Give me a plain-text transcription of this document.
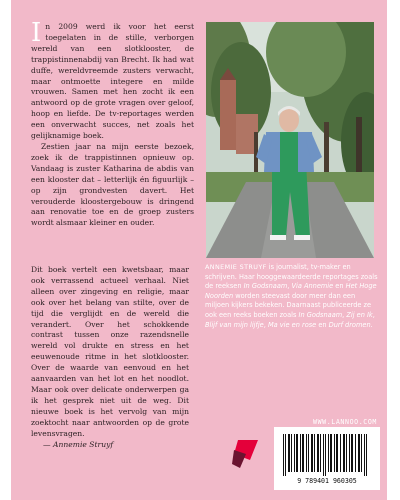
In 2009 werd ik voor het eerst toegelaten in de stille, verborgen wereld van een slotklooster, de trappistinnenabdij van Brecht. Ik had wat duffe, wereldvreemde zusters verwacht, maar ontmoette integere en milde vrouwen. Samen met hen zocht ik een antwoord op de grote vragen over geloof, hoop en liefde. De tv-reportages werden een onverwacht succes, net zoals het gelijknamige boek.

Zestien jaar na mijn eerste bezoek, zoek ik de trappistinnen opnieuw op. Vandaag is zuster Katharina de abdis van een klooster dat – letterlijk én figuurlijk – op zijn grondvesten davert. Het verouderde kloostergebouw is dringend aan renovatie toe en de groep zusters wordt alsmaar kleiner en ouder.

Dit boek vertelt een kwetsbaar, maar ook verrassend actueel verhaal. Niet alleen over zingeving en religie, maar ook over het belang van stilte, over de tijd die verglijdt en de wereld die verandert. Over het schokkende contrast tussen onze razendsnelle wereld vol drukte en stress en het eeuwenoude ritme in het slotklooster. Over de waarde van eenvoud en het aanvaarden van het lot en het noodlot. Maar ook over delicate onderwerpen ga ik het gesprek niet uit de weg. Dit nieuwe boek is het vervolg van mijn zoektocht naar antwoorden op de grote levensvragen.
— Annemie Struyf
ANNEMIE STRUYF is journalist, tv-maker en schrijven. Haar hooggewaardeerde reportages zoals de reeksen In Godsnaam, Via Annemie en Het Hoge Noorden worden steevast door meer dan een miljoen kijkers bekeken. Daarnaast publiceerde ze ook een reeks boeken zoals In Godsnaam, Zij en Ik, Blijf van mijn lijfje, Ma vie en rose en Durf dromen.
WWW.LANNOO.COM
9 789401 960305
